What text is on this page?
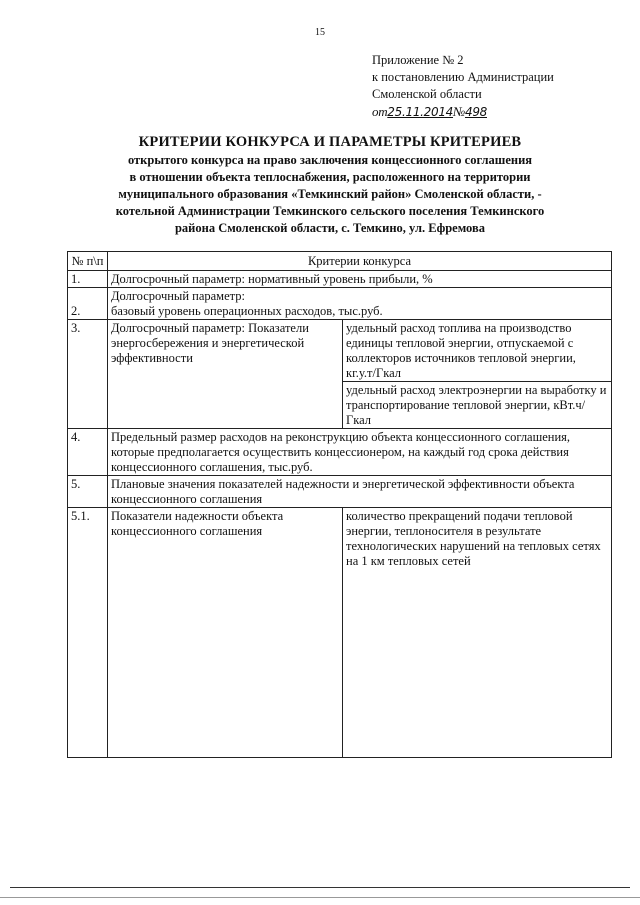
15
Приложение № 2
к постановлению Администрации
Смоленской области
от25.11.2014№498
КРИТЕРИИ КОНКУРСА И ПАРАМЕТРЫ КРИТЕРИЕВ
открытого конкурса на право заключения концессионного соглашения
в отношении объекта теплоснабжения, расположенного на территории
муниципального образования «Темкинский район» Смоленской области, -
котельной Администрации Темкинского сельского поселения Темкинского
района Смоленской области, с. Темкино, ул. Ефремова
№ п\п	Критерии конкурса	
1.	Долгосрочный параметр: нормативный уровень прибыли, %	
2.	Долгосрочный параметр:
базовый уровень операционных расходов, тыс.руб.	

3.	Долгосрочный параметр: Показатели энергосбережения и энергетической эффективности	удельный расход топлива на производство единицы тепловой энергии, отпускаемой с коллекторов источников тепловой энергии, кг.у.т/Гкал
		удельный расход электроэнергии на выработку и транспортирование тепловой энергии, кВт.ч/Гкал
4.	Предельный размер расходов на реконструкцию объекта концессионного соглашения, которые предполагается осуществить концессионером, на каждый год срока действия концессионного соглашения, тыс.руб.	
5.	Плановые значения показателей надежности и энергетической эффективности объекта концессионного соглашения	
5.1.	Показатели надежности объекта концессионного соглашения	количество прекращений подачи тепловой энергии, теплоносителя в результате технологических нарушений на тепловых сетях на 1 км тепловых сетей
